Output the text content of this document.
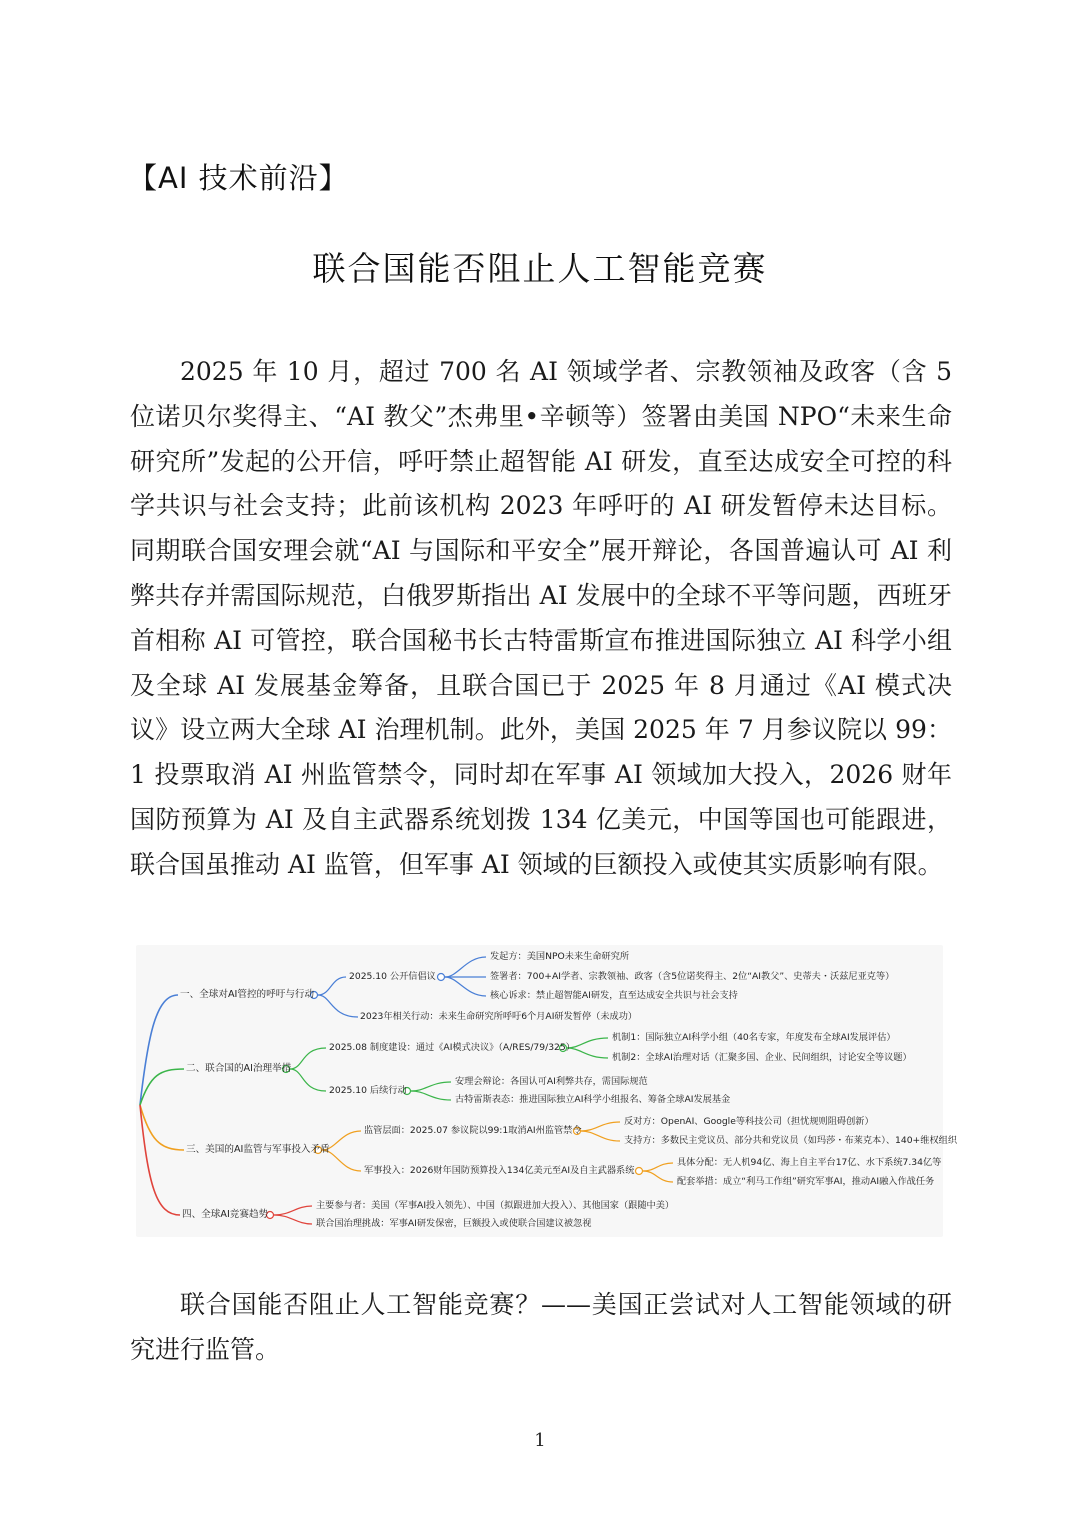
【AI 技术前沿】
联合国能否阻止人工智能竞赛

2025 年 10 月，超过 700 名 AI 领域学者、宗教领袖及政客（含 5 位诺贝尔奖得主、“AI 教父”杰弗里•辛顿等）签署由美国 NPO“未来生命研究所”发起的公开信，呼吁禁止超智能 AI 研发，直至达成安全可控的科学共识与社会支持；此前该机构 2023 年呼吁的 AI 研发暂停未达目标。同期联合国安理会就“AI 与国际和平安全”展开辩论，各国普遍认可 AI 利弊共存并需国际规范，白俄罗斯指出 AI 发展中的全球不平等问题，西班牙首相称 AI 可管控，联合国秘书长古特雷斯宣布推进国际独立 AI 科学小组及全球 AI 发展基金筹备，且联合国已于 2025 年 8 月通过《AI 模式决议》设立两大全球 AI 治理机制。此外，美国 2025 年 7 月参议院以 99：1 投票取消 AI 州监管禁令，同时却在军事 AI 领域加大投入，2026 财年国防预算为 AI 及自主武器系统划拨 134 亿美元，中国等国也可能跟进，联合国虽推动 AI 监管，但军事 AI 领域的巨额投入或使其实质影响有限。

一、全球对AI管控的呼吁与行动
2025.10 公开信倡议
发起方：美国NPO未来生命研究所
签署者：700+AI学者、宗教领袖、政客（含5位诺奖得主、2位“AI教父”、史蒂夫・沃兹尼亚克等）
核心诉求：禁止超智能AI研发，直至达成安全共识与社会支持
2023年相关行动：未来生命研究所呼吁6个月AI研发暂停（未成功）
二、联合国的AI治理举措
2025.08 制度建设：通过《AI模式决议》（A/RES/79/325）
机制1：国际独立AI科学小组（40名专家，年度发布全球AI发展评估）
机制2：全球AI治理对话（汇聚多国、企业、民间组织，讨论安全等议题）
2025.10 后续行动
安理会辩论：各国认可AI利弊共存，需国际规范
古特雷斯表态：推进国际独立AI科学小组报名、筹备全球AI发展基金
三、美国的AI监管与军事投入矛盾
监管层面：2025.07 参议院以99:1取消AI州监管禁令
反对方：OpenAI、Google等科技公司（担忧规则阻碍创新）
支持方：多数民主党议员、部分共和党议员（如玛莎・布莱克本）、140+维权组织
军事投入：2026财年国防预算投入134亿美元至AI及自主武器系统
具体分配：无人机94亿、海上自主平台17亿、水下系统7.34亿等
配套举措：成立“利马工作组”研究军事AI，推动AI融入作战任务
四、全球AI竞赛趋势
主要参与者：美国（军事AI投入领先）、中国（拟跟进加大投入）、其他国家（跟随中美）
联合国治理挑战：军事AI研发保密，巨额投入或使联合国建议被忽视

联合国能否阻止人工智能竞赛？——美国正尝试对人工智能领域的研究进行监管。

1
